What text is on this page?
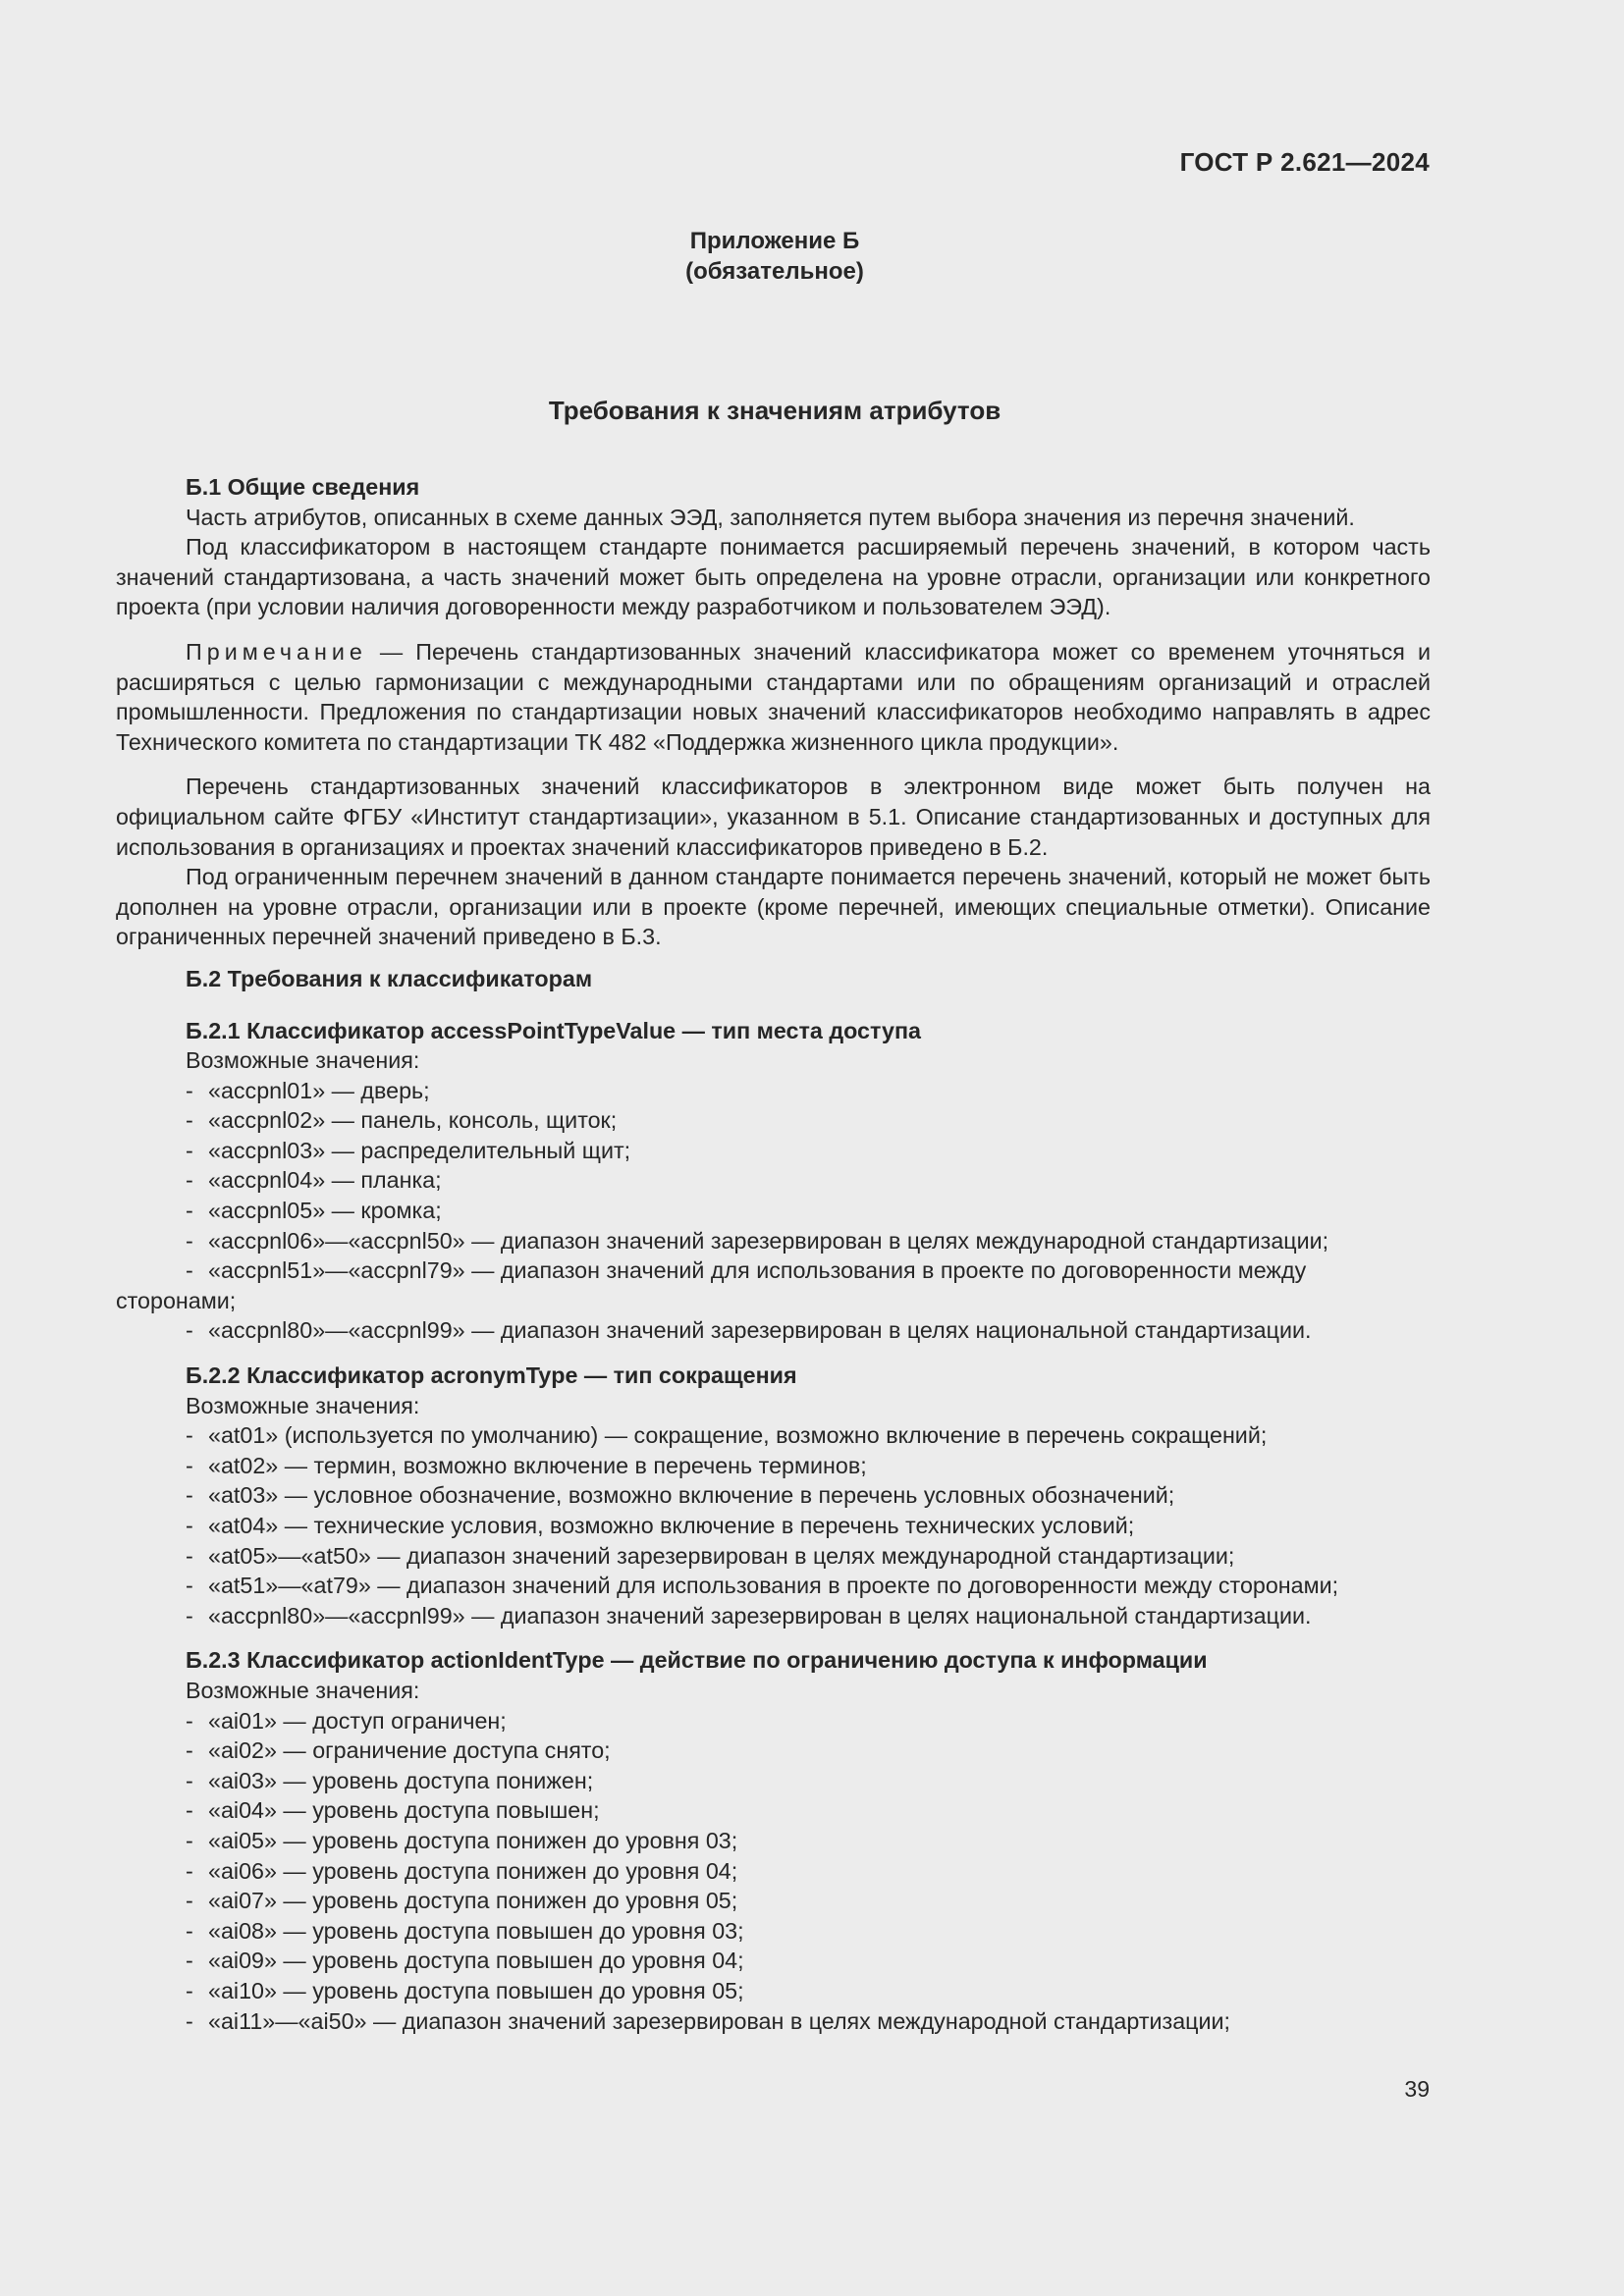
ГОСТ Р 2.621—2024
Приложение Б
(обязательное)
Требования к значениям атрибутов
Б.1 Общие сведения

Часть атрибутов, описанных в схеме данных ЭЭД, заполняется путем выбора значения из перечня значений.

Под классификатором в настоящем стандарте понимается расширяемый перечень значений, в котором часть значений стандартизована, а часть значений может быть определена на уровне отрасли, организации или конкретного проекта (при условии наличия договоренности между разработчиком и пользователем ЭЭД).

Примечание — Перечень стандартизованных значений классификатора может со временем уточняться и расширяться с целью гармонизации с международными стандартами или по обращениям организаций и отраслей промышленности. Предложения по стандартизации новых значений классификаторов необходимо направлять в адрес Технического комитета по стандартизации ТК 482 «Поддержка жизненного цикла продукции».

Перечень стандартизованных значений классификаторов в электронном виде может быть получен на официальном сайте ФГБУ «Институт стандартизации», указанном в 5.1. Описание стандартизованных и доступных для использования в организациях и проектах значений классификаторов приведено в Б.2.

Под ограниченным перечнем значений в данном стандарте понимается перечень значений, который не может быть дополнен на уровне отрасли, организации или в проекте (кроме перечней, имеющих специальные отметки). Описание ограниченных перечней значений приведено в Б.3.

Б.2 Требования к классификаторам
Б.2.1 Классификатор accessPointTypeValue — тип места доступа
Возможные значения:
- «accpnl01» — дверь;
- «accpnl02» — панель, консоль, щиток;
- «accpnl03» — распределительный щит;
- «accpnl04» — планка;
- «accpnl05» — кромка;
- «accpnl06»—«accpnl50» — диапазон значений зарезервирован в целях международной стандартизации;
- «accpnl51»—«accpnl79» — диапазон значений для использования в проекте по договоренности между сторонами;
- «accpnl80»—«accpnl99» — диапазон значений зарезервирован в целях национальной стандартизации.
Б.2.2 Классификатор acronymType — тип сокращения
Возможные значения:
- «at01» (используется по умолчанию) — сокращение, возможно включение в перечень сокращений;
- «at02» — термин, возможно включение в перечень терминов;
- «at03» — условное обозначение, возможно включение в перечень условных обозначений;
- «at04» — технические условия, возможно включение в перечень технических условий;
- «at05»—«at50» — диапазон значений зарезервирован в целях международной стандартизации;
- «at51»—«at79» — диапазон значений для использования в проекте по договоренности между сторонами;
- «accpnl80»—«accpnl99» — диапазон значений зарезервирован в целях национальной стандартизации.
Б.2.3 Классификатор actionIdentType — действие по ограничению доступа к информации
Возможные значения:
- «ai01» — доступ ограничен;
- «ai02» — ограничение доступа снято;
- «ai03» — уровень доступа понижен;
- «ai04» — уровень доступа повышен;
- «ai05» — уровень доступа понижен до уровня 03;
- «ai06» — уровень доступа понижен до уровня 04;
- «ai07» — уровень доступа понижен до уровня 05;
- «ai08» — уровень доступа повышен до уровня 03;
- «ai09» — уровень доступа повышен до уровня 04;
- «ai10» — уровень доступа повышен до уровня 05;
- «ai11»—«ai50» — диапазон значений зарезервирован в целях международной стандартизации;
39
